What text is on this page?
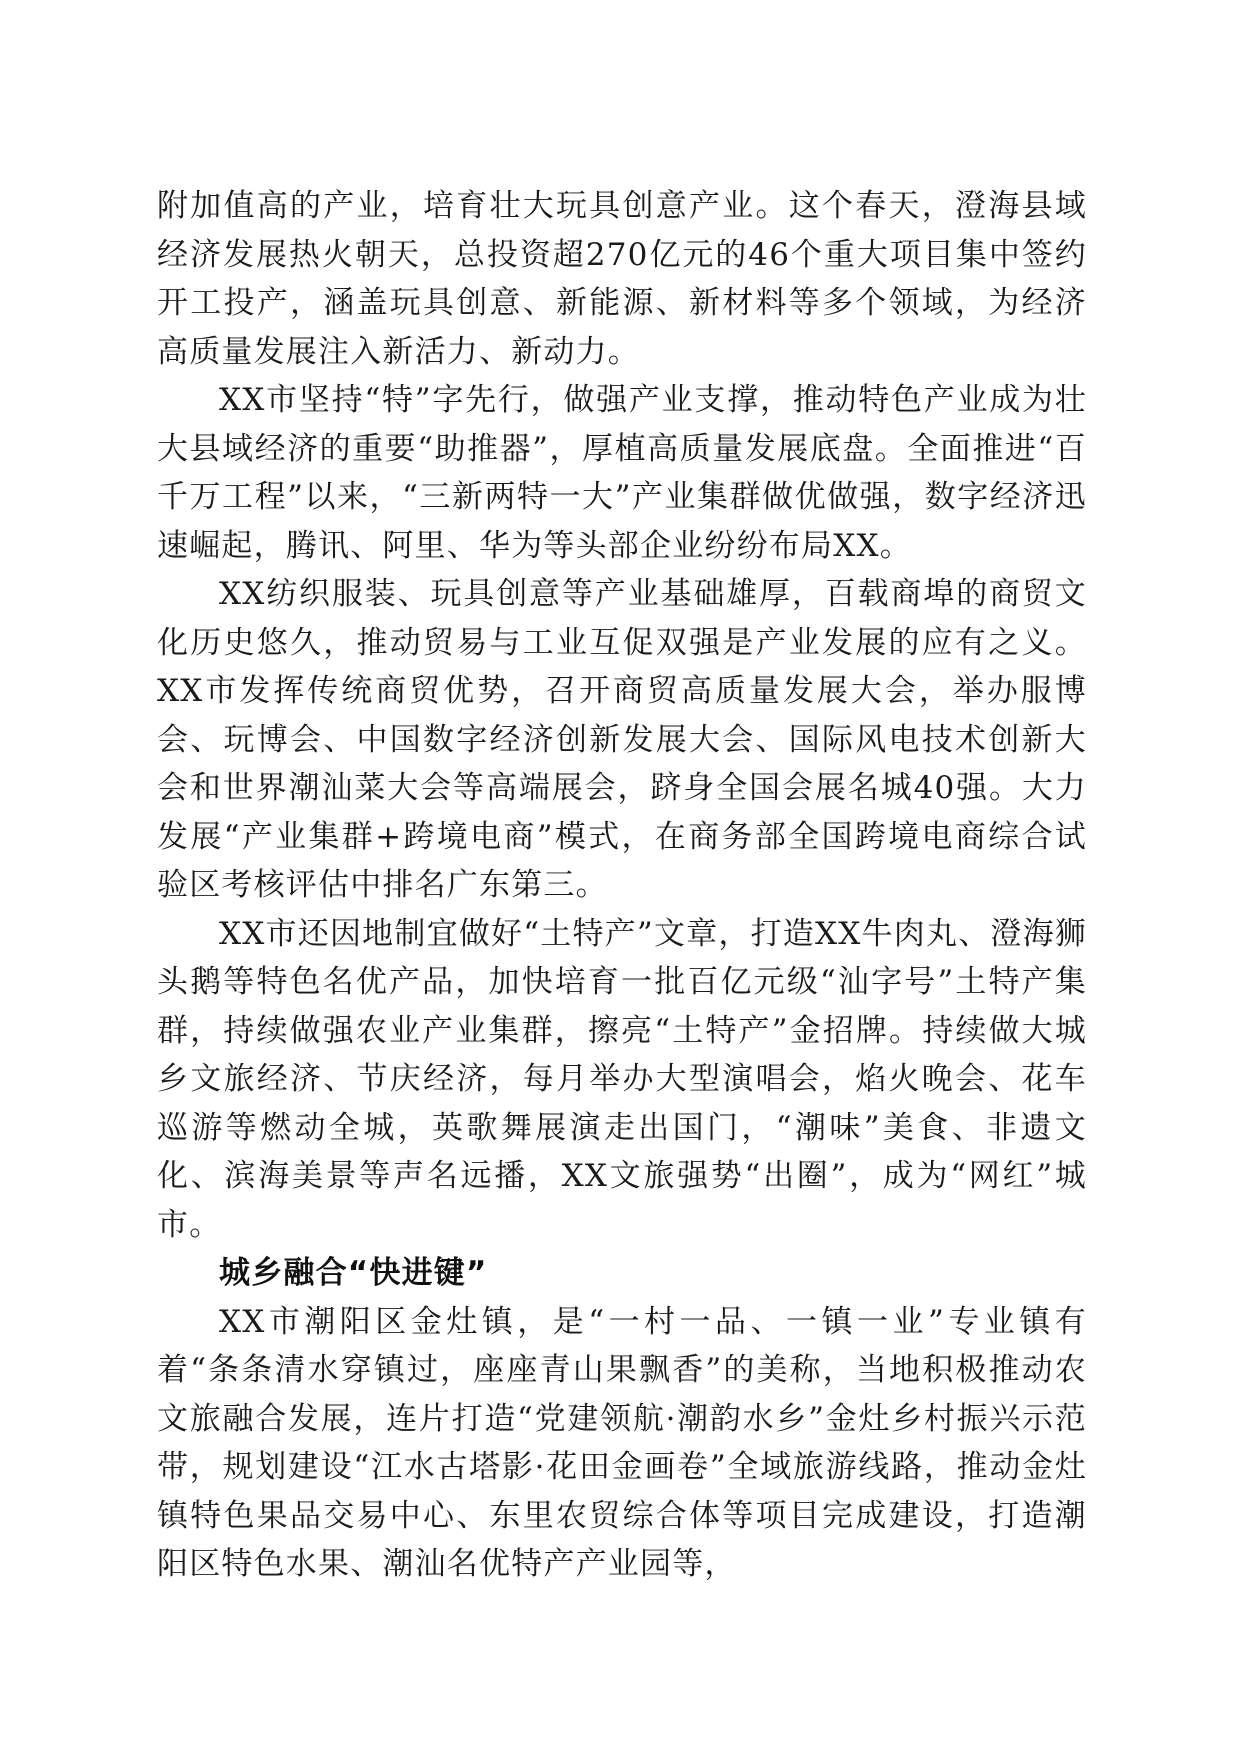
附加值高的产业，培育壮大玩具创意产业。这个春天，澄海县域经济发展热火朝天，总投资超270亿元的46个重大项目集中签约开工投产，涵盖玩具创意、新能源、新材料等多个领域，为经济高质量发展注入新活力、新动力。

XX市坚持“特”字先行，做强产业支撑，推动特色产业成为壮大县域经济的重要“助推器”，厚植高质量发展底盘。全面推进“百千万工程”以来，“三新两特一大”产业集群做优做强，数字经济迅速崛起，腾讯、阿里、华为等头部企业纷纷布局XX。

XX纺织服装、玩具创意等产业基础雄厚，百载商埠的商贸文化历史悠久，推动贸易与工业互促双强是产业发展的应有之义。XX市发挥传统商贸优势，召开商贸高质量发展大会，举办服博会、玩博会、中国数字经济创新发展大会、国际风电技术创新大会和世界潮汕菜大会等高端展会，跻身全国会展名城40强。大力发展“产业集群+跨境电商”模式，在商务部全国跨境电商综合试验区考核评估中排名广东第三。

XX市还因地制宜做好“土特产”文章，打造XX牛肉丸、澄海狮头鹅等特色名优产品，加快培育一批百亿元级“汕字号”土特产集群，持续做强农业产业集群，擦亮“土特产”金招牌。持续做大城乡文旅经济、节庆经济，每月举办大型演唱会，焰火晚会、花车巡游等燃动全城，英歌舞展演走出国门，“潮味”美食、非遗文化、滨海美景等声名远播，XX文旅强势“出圈”，成为“网红”城市。

城乡融合“快进键”

XX市潮阳区金灶镇，是“一村一品、一镇一业”专业镇有着“条条清水穿镇过，座座青山果飘香”的美称，当地积极推动农文旅融合发展，连片打造“党建领航·潮韵水乡”金灶乡村振兴示范带，规划建设“江水古塔影·花田金画卷”全域旅游线路，推动金灶镇特色果品交易中心、东里农贸综合体等项目完成建设，打造潮阳区特色水果、潮汕名优特产产业园等，
